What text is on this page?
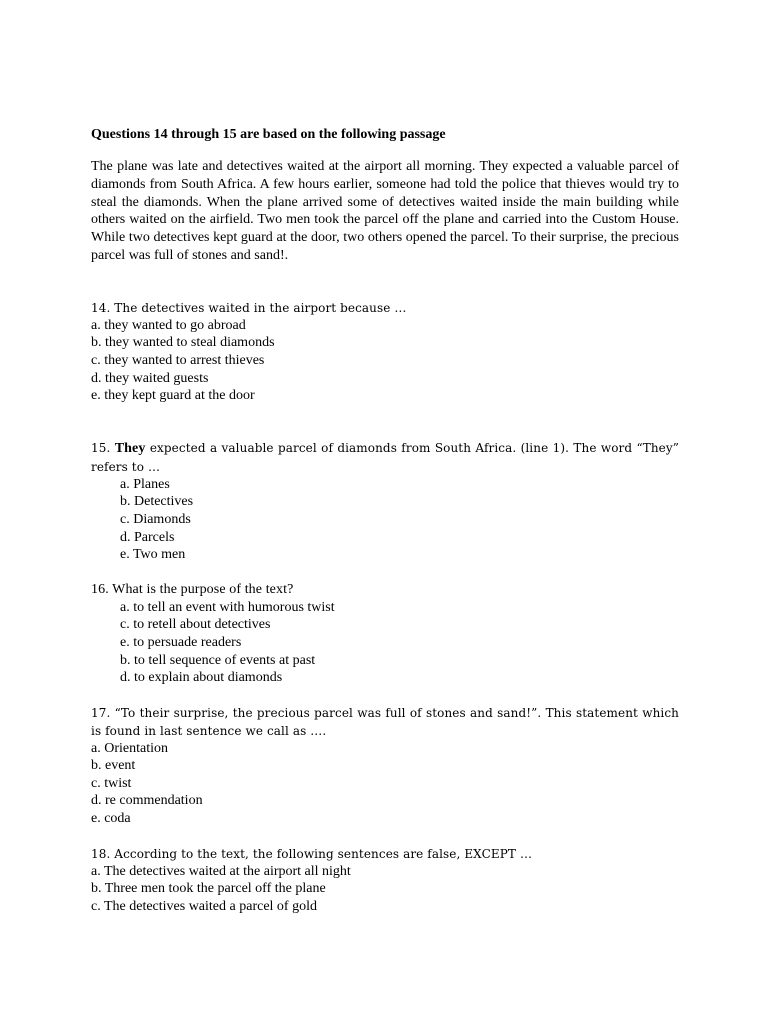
Questions 14 through 15 are based on the following passage

The plane was late and detectives waited at the airport all morning. They expected a valuable parcel of diamonds from South Africa. A few hours earlier, someone had told the police that thieves would try to steal the diamonds. When the plane arrived some of detectives waited inside the main building while others waited on the airfield. Two men took the parcel off the plane and carried into the Custom House. While two detectives kept guard at the door, two others opened the parcel. To their surprise, the precious parcel was full of stones and sand!.

14. The detectives waited in the airport because …
a. they wanted to go abroad
b. they wanted to steal diamonds
c. they wanted to arrest thieves
d. they waited guests
e. they kept guard at the door
15. They expected a valuable parcel of diamonds from South Africa. (line 1). The word “They” refers to …
a. Planes
b. Detectives
c. Diamonds
d. Parcels
e. Two men
16. What is the purpose of the text?
a. to tell an event with humorous twist
c. to retell about detectives
e. to persuade readers
b. to tell sequence of events at past
d. to explain about diamonds
17. “To their surprise, the precious parcel was full of stones and sand!”. This statement which is found in last sentence we call as ….
a. Orientation
b. event
c. twist
d. re commendation
e. coda
18. According to the text, the following sentences are false, EXCEPT …
a. The detectives waited at the airport all night
b. Three men took the parcel off the plane
c. The detectives waited a parcel of gold
